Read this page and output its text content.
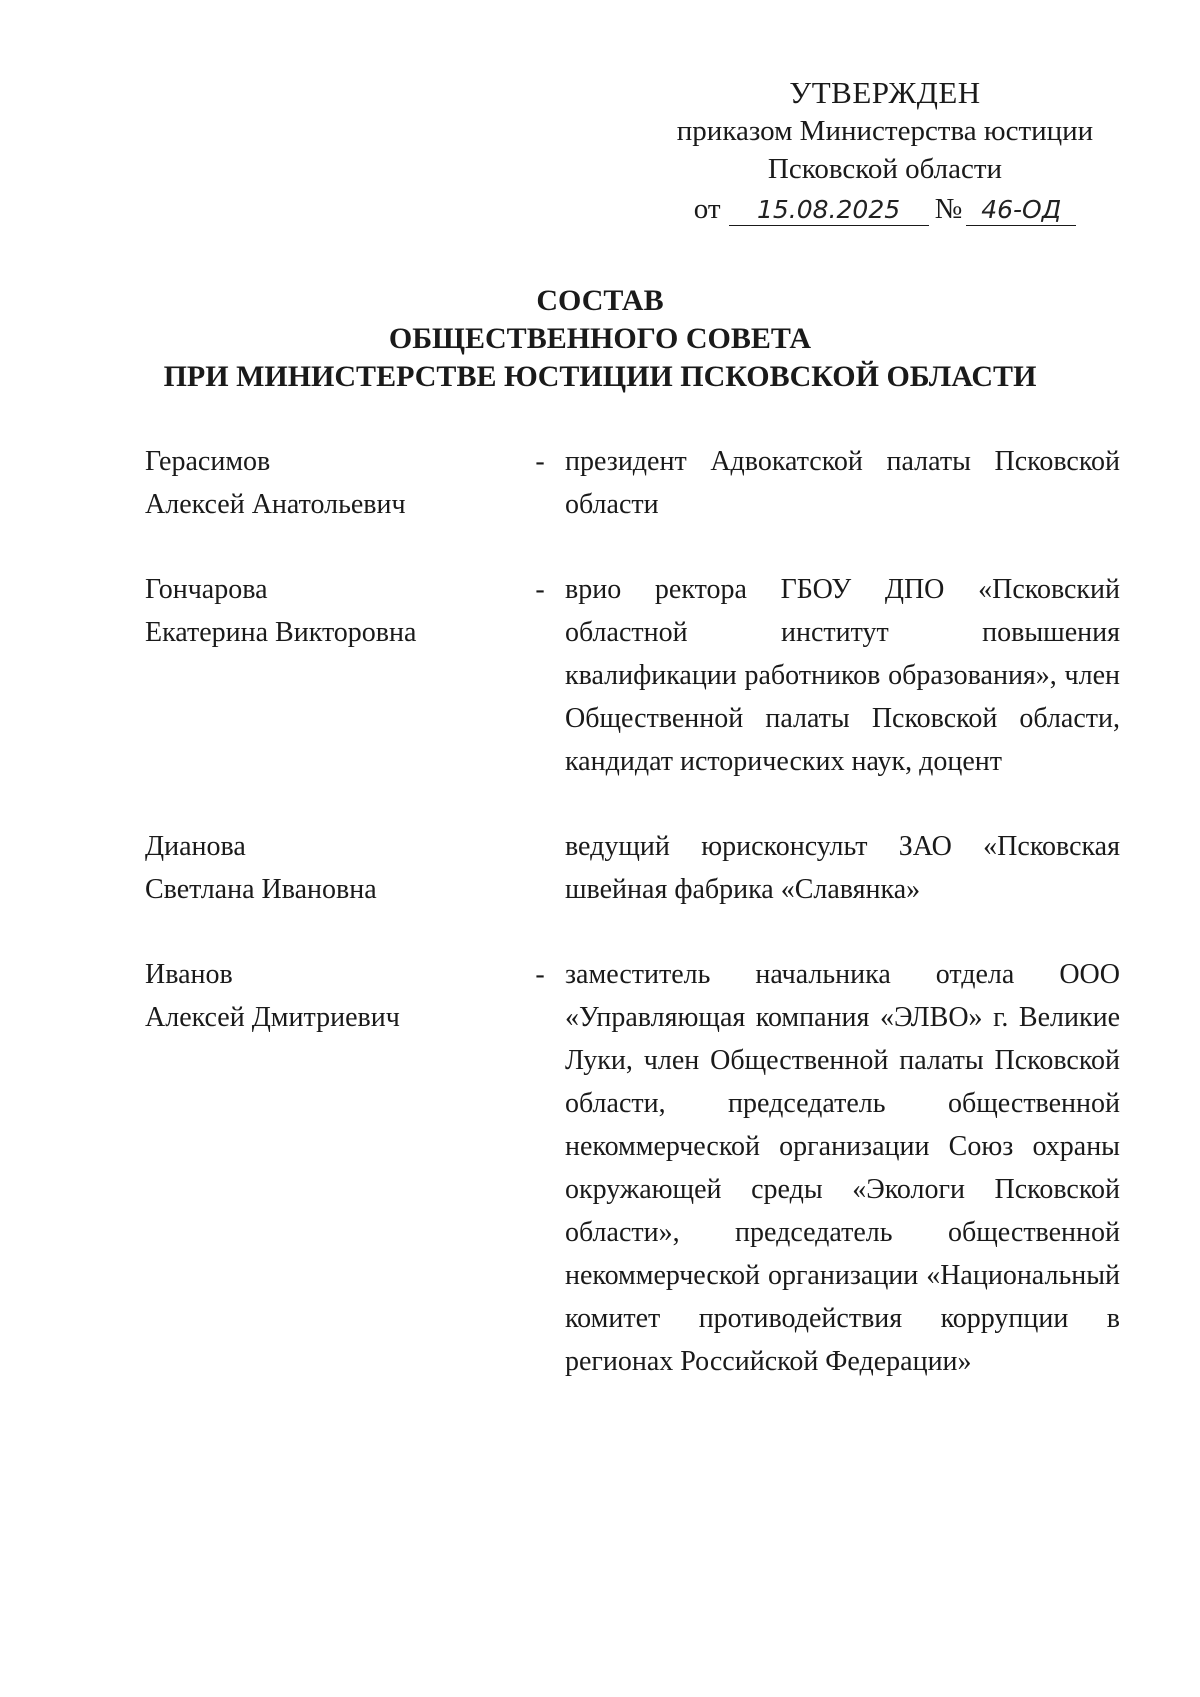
УТВЕРЖДЕН
приказом Министерства юстиции
Псковской области
от 15.08.2025 № 46-ОД
СОСТАВ
ОБЩЕСТВЕННОГО СОВЕТА
ПРИ МИНИСТЕРСТВЕ ЮСТИЦИИ ПСКОВСКОЙ ОБЛАСТИ
Герасимов
Алексей Анатольевич
- президент Адвокатской палаты Псковской области
Гончарова
Екатерина Викторовна
- врио ректора ГБОУ ДПО «Псковский областной институт повышения квалификации работников образования», член Общественной палаты Псковской области, кандидат исторических наук, доцент
Дианова
Светлана Ивановна
ведущий юрисконсульт ЗАО «Псковская швейная фабрика «Славянка»
Иванов
Алексей Дмитриевич
- заместитель начальника отдела ООО «Управляющая компания «ЭЛВО» г. Великие Луки, член Общественной палаты Псковской области, председатель общественной некоммерческой организации Союз охраны окружающей среды «Экологи Псковской области», председатель общественной некоммерческой организации «Национальный комитет противодействия коррупции в регионах Российской Федерации»
